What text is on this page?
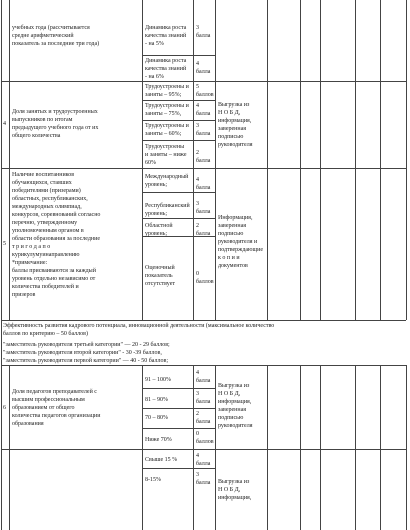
учебных года (рассчитывается
средне арифметический
показатель за последние три года)
Динамика роста
качества знаний
- на 5%
3
балла
Динамика роста
качества знаний
- на 6%
4
балла
4
Доля занятых и трудоустроенных
выпускников по итогам
предыдущего учебного года от их
общего количества
Трудоустроены и
заняты – 95%;
5
баллов
Трудоустроены и
заняты – 75%,
4
балла
Трудоустроены и
заняты – 60%;
3
балла
Трудоустроены
и заняты – ниже
60%
2
балла
Выгрузка из
Н О Б Д,
информация,
заверенная
подписью
руководителя
5
Наличие воспитанников
обучающихся, ставших
победителями (призерами)
областных, республиканских,
международных олимпиад,
конкурсов, соревнований согласно
перечню, утвержденному
уполномоченным органом в
области образования за последние
т р и г о д а п о
курикулумуинаправлению
*примечание:
баллы присваиваются за каждый
уровень отдельно независимо от
количества победителей и
призеров
Международный
уровень;
4
балла
Республиканский
уровень;
3
балла
Областной
уровень;
2
балла
Оценочный
показатель
отсутствует
0
баллов
Информация,
заверенная
подписью
руководителя и
подтверждающие
к о п и и
документов
Эффективность развития кадрового потенциала, инновационной деятельности (максимальное количество
баллов по критерию – 50 баллов)
"заместитель руководителя третьей категории" — 20 - 29 баллов;
"заместитель руководителя второй категории" - 30 -39 баллов,
"заместитель руководителя первой категории" — 40 - 50 баллов;
6
Доля педагогов преподавателей с
высшим профессиональным
образованием от общего
количества педагогов организации
образования
91 – 100%
4
балла
81 – 90%
3
балла
70 – 80%
2
балла
Ниже 70%
0
баллов
Выгрузка из
Н О Б Д,
информация,
заверенная
подписью
руководителя
Свыше 15 %
4
балла
8-15%
3
балла	Выгрузка из
Н О Б Д,
информация,
